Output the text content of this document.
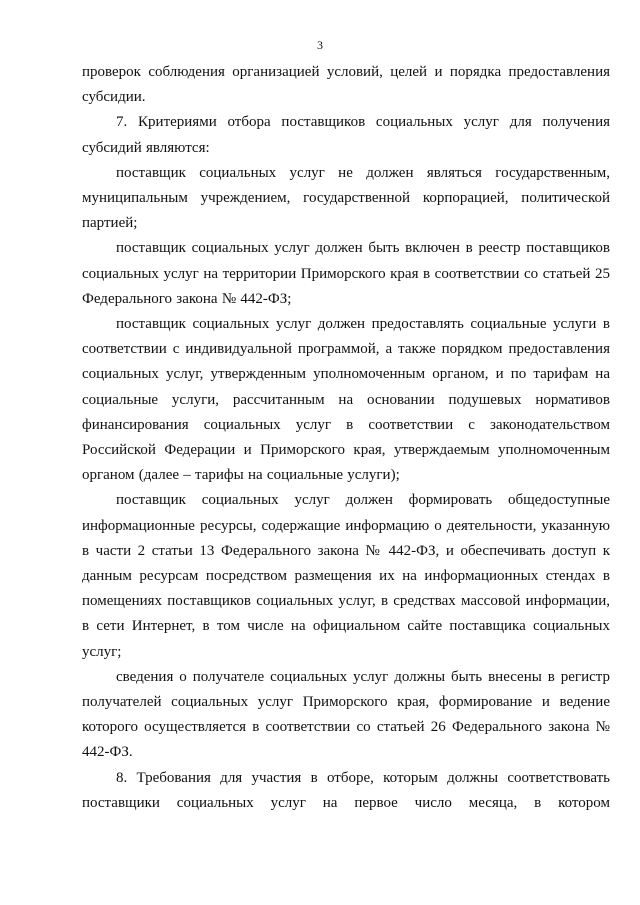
3

проверок соблюдения организацией условий, целей и порядка предоставления субсидии.

7. Критериями отбора поставщиков социальных услуг для получения субсидий являются:

поставщик социальных услуг не должен являться государственным, муниципальным учреждением, государственной корпорацией, политической партией;

поставщик социальных услуг должен быть включен в реестр поставщиков социальных услуг на территории Приморского края в соответствии со статьей 25 Федерального закона № 442-ФЗ;

поставщик социальных услуг должен предоставлять социальные услуги в соответствии с индивидуальной программой, а также порядком предоставления социальных услуг, утвержденным уполномоченным органом, и по тарифам на социальные услуги, рассчитанным на основании подушевых нормативов финансирования социальных услуг в соответствии с законодательством Российской Федерации и Приморского края, утверждаемым уполномоченным органом (далее – тарифы на социальные услуги);

поставщик социальных услуг должен формировать общедоступные информационные ресурсы, содержащие информацию о деятельности, указанную в части 2 статьи 13 Федерального закона № 442-ФЗ, и обеспечивать доступ к данным ресурсам посредством размещения их на информационных стендах в помещениях поставщиков социальных услуг, в средствах массовой информации, в сети Интернет, в том числе на официальном сайте поставщика социальных услуг;

сведения о получателе социальных услуг должны быть внесены в регистр получателей социальных услуг Приморского края, формирование и ведение которого осуществляется в соответствии со статьей 26 Федерального закона № 442-ФЗ.

8. Требования для участия в отборе, которым должны соответствовать поставщики социальных услуг на первое число месяца, в котором
